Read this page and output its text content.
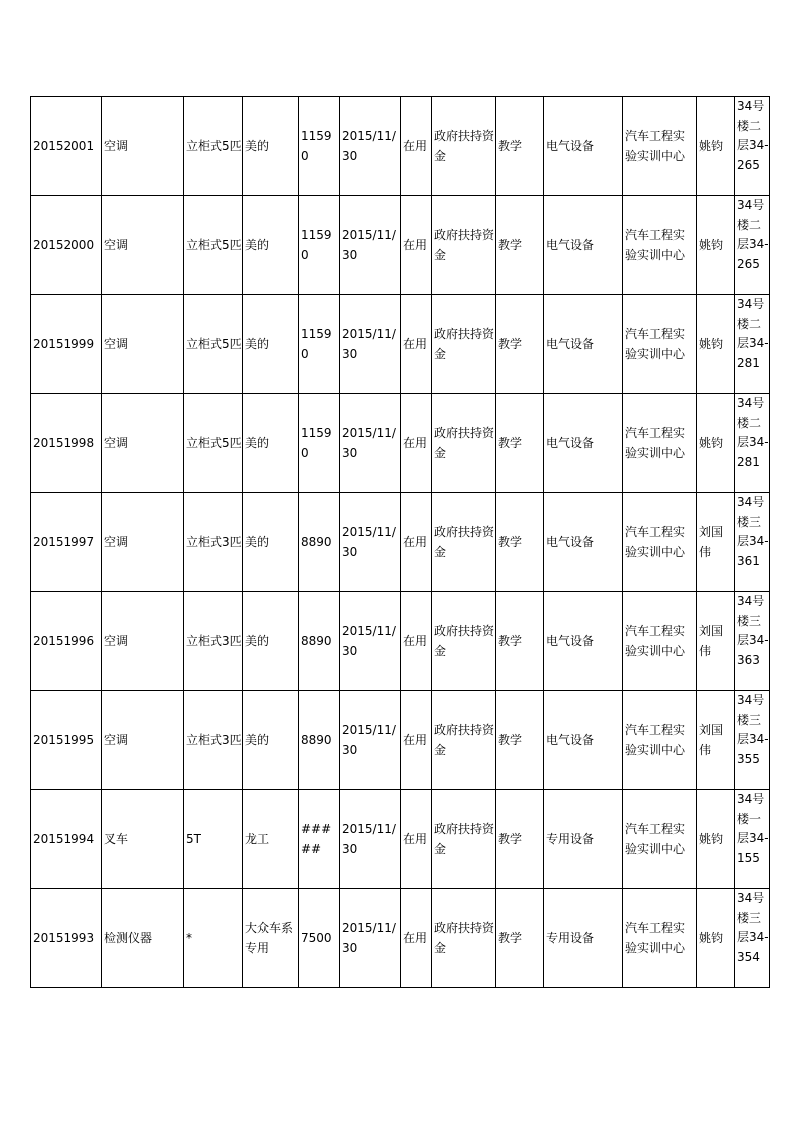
20152001	空调	立柜式5匹	美的	11590	2015/11/30	在用	政府扶持资金	教学	电气设备	汽车工程实验实训中心	姚钧	34号楼二层34-265
20152000	空调	立柜式5匹	美的	11590	2015/11/30	在用	政府扶持资金	教学	电气设备	汽车工程实验实训中心	姚钧	34号楼二层34-265
20151999	空调	立柜式5匹	美的	11590	2015/11/30	在用	政府扶持资金	教学	电气设备	汽车工程实验实训中心	姚钧	34号楼二层34-281
20151998	空调	立柜式5匹	美的	11590	2015/11/30	在用	政府扶持资金	教学	电气设备	汽车工程实验实训中心	姚钧	34号楼二层34-281
20151997	空调	立柜式3匹	美的	8890	2015/11/30	在用	政府扶持资金	教学	电气设备	汽车工程实验实训中心	刘国伟	34号楼三层34-361
20151996	空调	立柜式3匹	美的	8890	2015/11/30	在用	政府扶持资金	教学	电气设备	汽车工程实验实训中心	刘国伟	34号楼三层34-363
20151995	空调	立柜式3匹	美的	8890	2015/11/30	在用	政府扶持资金	教学	电气设备	汽车工程实验实训中心	刘国伟	34号楼三层34-355
20151994	叉车	5T	龙工	#####	2015/11/30	在用	政府扶持资金	教学	专用设备	汽车工程实验实训中心	姚钧	34号楼一层34-155
20151993	检测仪器	*	大众车系专用	7500	2015/11/30	在用	政府扶持资金	教学	专用设备	汽车工程实验实训中心	姚钧	34号楼三层34-354
